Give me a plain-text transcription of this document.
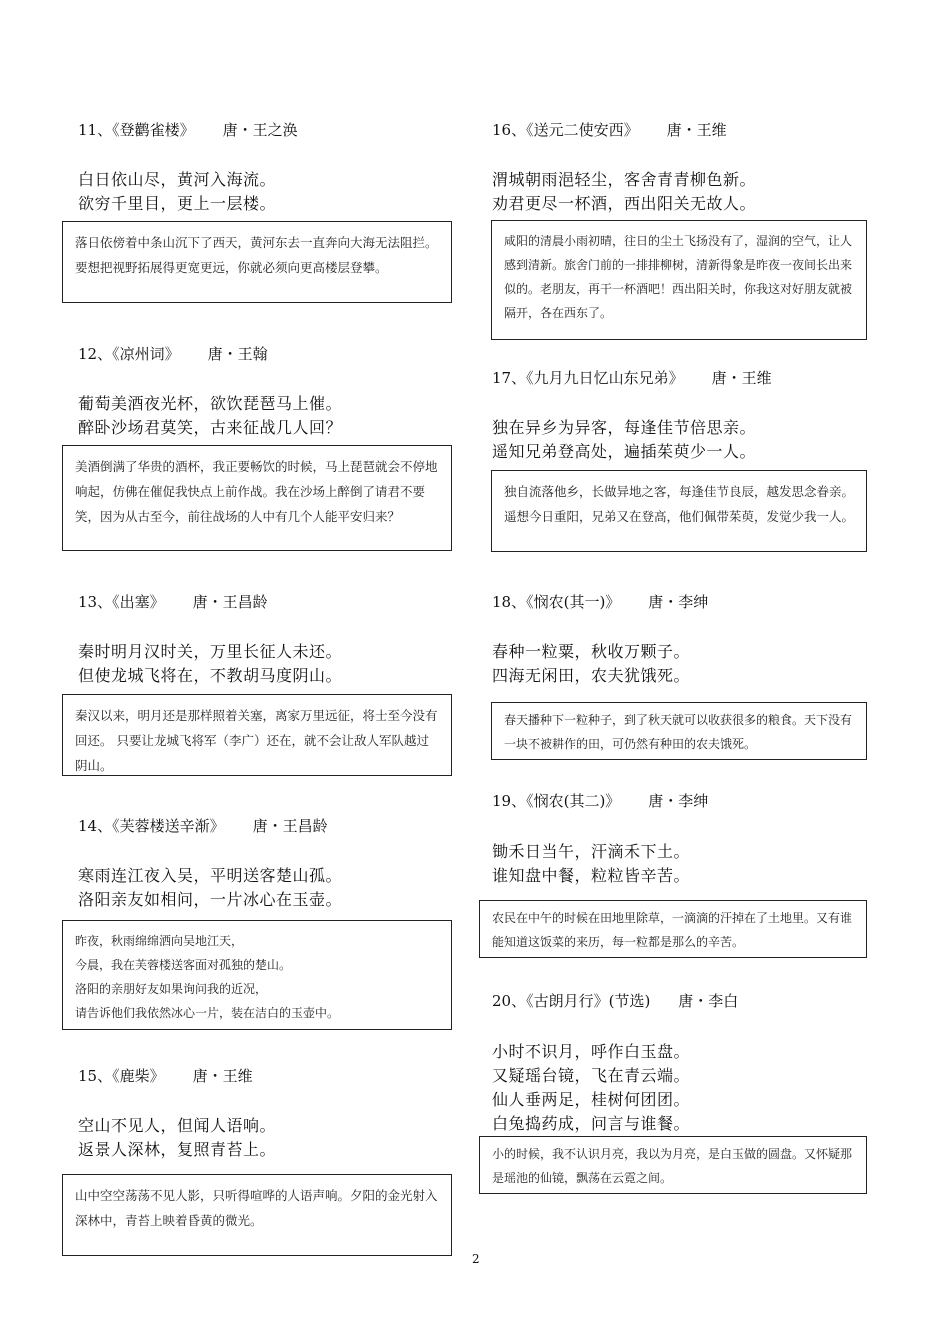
11、《登鹳雀楼》 唐・王之涣
白日依山尽，黄河入海流。
欲穷千里目，更上一层楼。
落日依傍着中条山沉下了西天，黄河东去一直奔向大海无法阻拦。 要想把视野拓展得更宽更远，你就必须向更高楼层登攀。
12、《凉州词》 唐・王翰
葡萄美酒夜光杯，欲饮琵琶马上催。
醉卧沙场君莫笑，古来征战几人回？
美酒倒满了华贵的酒杯，我正要畅饮的时候，马上琵琶就会不停地响起，仿佛在催促我快点上前作战。我在沙场上醉倒了请君不要笑，因为从古至今，前往战场的人中有几个人能平安归来？
13、《出塞》 唐・王昌龄
秦时明月汉时关，万里长征人未还。
但使龙城飞将在，不教胡马度阴山。
秦汉以来，明月还是那样照着关塞，离家万里远征，将士至今没有回还。 只要让龙城飞将军（李广）还在，就不会让敌人军队越过阴山。
14、《芙蓉楼送辛渐》 唐・王昌龄
寒雨连江夜入吴，平明送客楚山孤。
洛阳亲友如相问，一片冰心在玉壶。
昨夜，秋雨绵绵洒向吴地江天，
今晨，我在芙蓉楼送客面对孤独的楚山。
洛阳的亲朋好友如果询问我的近况，
请告诉他们我依然冰心一片，装在洁白的玉壶中。
15、《鹿柴》 唐・王维
空山不见人，但闻人语响。
返景人深林，复照青苔上。
山中空空荡荡不见人影，只听得喧哗的人语声响。夕阳的金光射入深林中，青苔上映着昏黄的微光。
16、《送元二使安西》 唐・王维
渭城朝雨浥轻尘，客舍青青柳色新。
劝君更尽一杯酒，西出阳关无故人。
咸阳的清晨小雨初晴，往日的尘土飞扬没有了，湿润的空气，让人感到清新。旅舍门前的一排排柳树，清新得象是昨夜一夜间长出来似的。老朋友，再干一杯酒吧！西出阳关时，你我这对好朋友就被隔开，各在西东了。
17、《九月九日忆山东兄弟》 唐・王维
独在异乡为异客，每逢佳节倍思亲。
遥知兄弟登高处，遍插茱萸少一人。
独自流落他乡，长做异地之客，每逢佳节良辰，越发思念眷亲。遥想今日重阳，兄弟又在登高，他们佩带茱萸，发觉少我一人。
18、《悯农(其一)》 唐・李绅
春种一粒粟，秋收万颗子。
四海无闲田，农夫犹饿死。
春天播种下一粒种子，到了秋天就可以收获很多的粮食。天下没有一块不被耕作的田，可仍然有种田的农夫饿死。
19、《悯农(其二)》 唐・李绅
锄禾日当午，汗滴禾下土。
谁知盘中餐，粒粒皆辛苦。
农民在中午的时候在田地里除草，一滴滴的汗掉在了土地里。又有谁能知道这饭菜的来历，每一粒都是那么的辛苦。
20、《古朗月行》(节选) 唐・李白
小时不识月，呼作白玉盘。
又疑瑶台镜，飞在青云端。
仙人垂两足，桂树何团团。
白兔捣药成，问言与谁餐。
小的时候，我不认识月亮，我以为月亮，是白玉做的圆盘。又怀疑那是瑶池的仙镜，飘荡在云霓之间。
2
